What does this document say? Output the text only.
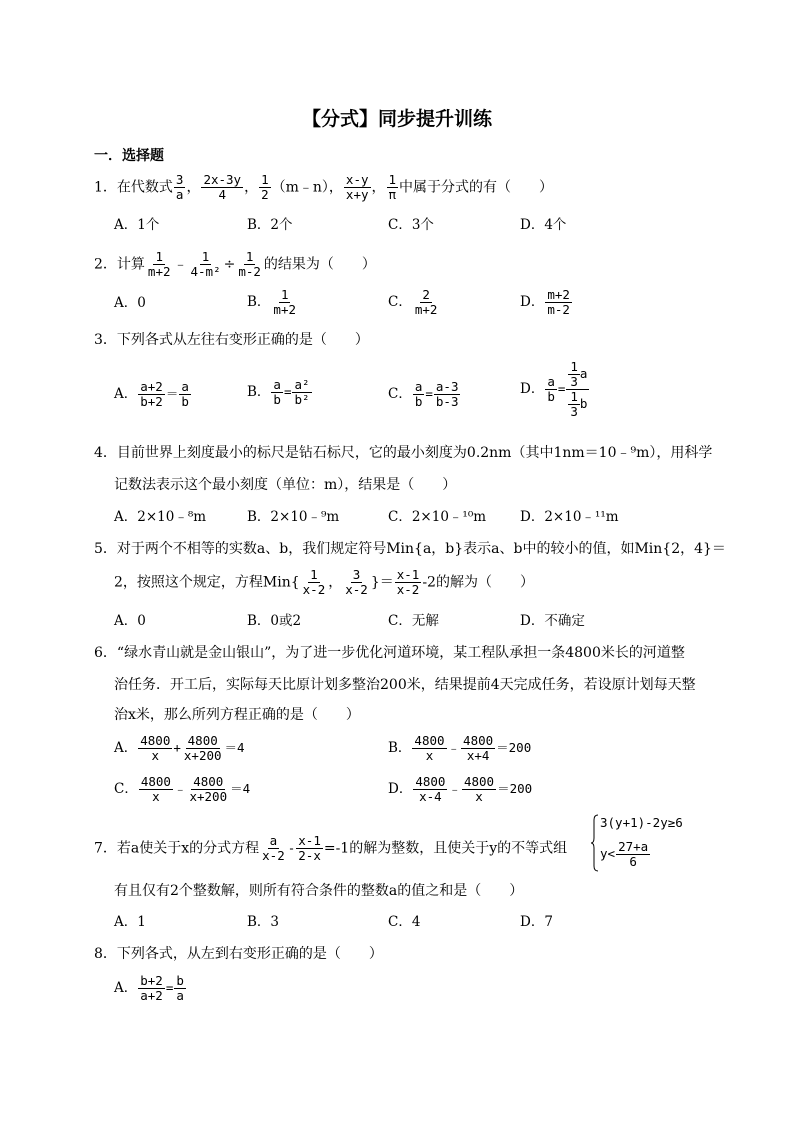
【分式】同步提升训练
一．选择题
1．在代数式 $\frac{3}{a}$ ， $\frac{2x-3y}{4}$ ， $\frac{1}{2}$ （m﹣n）， $\frac{x-y}{x+y}$ ， $\frac{1}{\pi}$ 中属于分式的有（　　）
A．1个	B．2个	C．3个	D．4个
2．计算 $\frac{1}{m+2}$ ﹣ $\frac{1}{\text{4-m²}} \div \frac{1}{m-2}$ 的结果为（　　）
A．0	B． $\frac{1}{m+2}$	C． $\frac{2}{m+2}$	D． $\frac{m+2}{m-2}$
3．下列各式从左往右变形正确的是（　　）
A． $\frac{a+2}{b+2} = \frac{a}{b}$	B． $\frac{a}{b} = \frac{\text{a²}}{\text{b²}}$	C． $\frac{a}{b} = \frac{a-3}{b-3}$	D． $\frac{a}{b} = \frac{\frac{1}{3} a}{\frac{1}{3} b}$
4．目前世界上刻度最小的标尺是钻石标尺，它的最小刻度为0.2nm（其中1nm＝10﹣⁹m），用科学
记数法表示这个最小刻度（单位：m），结果是（　　）
A．2×10﹣⁸m	B．2×10﹣⁹m	C．2×10﹣¹⁰m	D．2×10﹣¹¹m
5．对于两个不相等的实数a、b，我们规定符号Min{a，b}表示a、b中的较小的值，如Min{2，4}＝
2，按照这个规定，方程$Min\{ \frac{1}{x-2}$ ， $\frac{3}{x-2}$ }＝ $\frac{x-1}{x-2} -2$的解为（　　）
A．0	B．0或2	C．无解	D．不确定
6．“绿水青山就是金山银山”，为了进一步优化河道环境，某工程队承担一条4800米长的河道整
治任务．开工后，实际每天比原计划多整治200米，结果提前4天完成任务，若设原计划每天整
治x米，那么所列方程正确的是（　　）
A． $\frac{4800}{x} + \frac{4800}{x+200} =4$	B． $\frac{4800}{x}$ ﹣ $\frac{4800}{x+4} =200$
C． $\frac{4800}{x}$ ﹣ $\frac{4800}{x+200} =4$	D． $\frac{4800}{x-4}$ ﹣ $\frac{4800}{x} =200$
7．若a使关于x的分式方程 $\frac{a}{x-2} - \frac{x-1}{2-x} =-1$的解为整数，且使关于y的不等式组
3(y+1)-2y≥6
$y< \frac{27+a}{6}$
有且仅有2个整数解，则所有符合条件的整数a的值之和是（　　）
A．1	B．3	C．4	D．7
8．下列各式，从左到右变形正确的是（　　）
A． $\frac{b+2}{a+2} = \frac{b}{a}$
